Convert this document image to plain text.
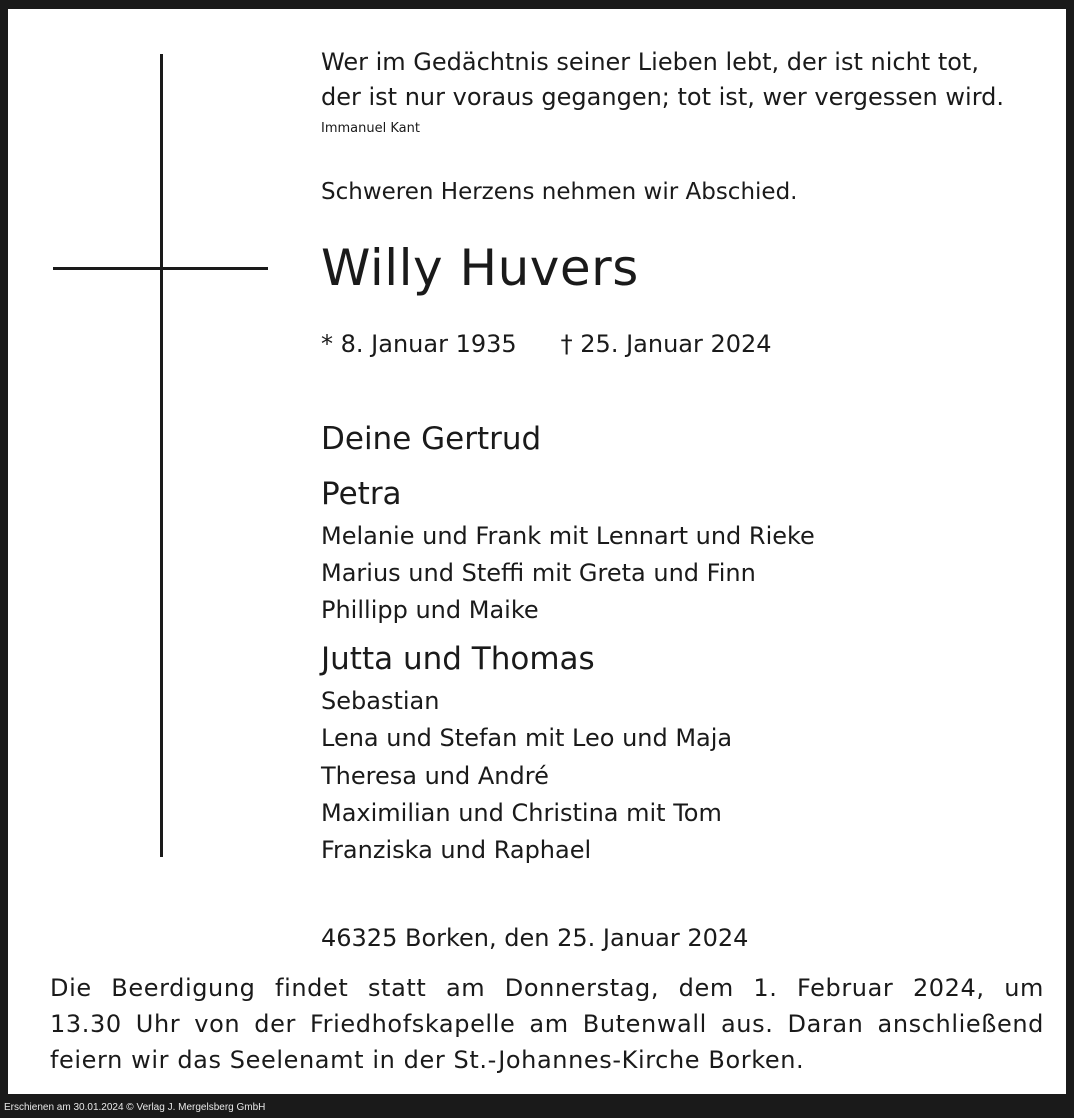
Wer im Gedächtnis seiner Lieben lebt, der ist nicht tot,
der ist nur voraus gegangen; tot ist, wer vergessen wird.
Immanuel Kant
Schweren Herzens nehmen wir Abschied.
Willy Huvers
* 8. Januar 1935 † 25. Januar 2024
Deine Gertrud
Petra
Melanie und Frank mit Lennart und Rieke
Marius und Steffi mit Greta und Finn
Phillipp und Maike
Jutta und Thomas
Sebastian
Lena und Stefan mit Leo und Maja
Theresa und André
Maximilian und Christina mit Tom
Franziska und Raphael
46325 Borken, den 25. Januar 2024
Die Beerdigung findet statt am Donnerstag, dem 1. Februar 2024, um
13.30 Uhr von der Friedhofskapelle am Butenwall aus. Daran anschließend
feiern wir das Seelenamt in der St.-Johannes-Kirche Borken.
Erschienen am 30.01.2024 © Verlag J. Mergelsberg GmbH
